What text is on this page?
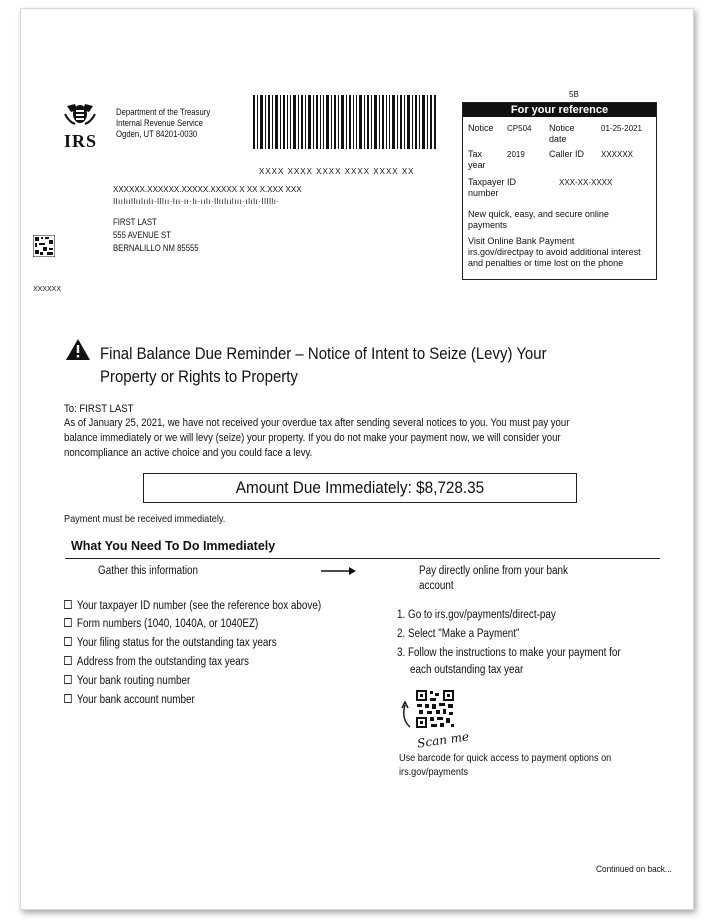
IRS
Department of the Treasury
Internal Revenue Service
Ogden, UT 84201-0030
XXXX XXXX XXXX XXXX XXXX XX
XXXXXX.XXXXXX.XXXXX.XXXXX X XX X.XXX XXX
Ilıılııllıılıılı·Illıı·lıı·ıı·lı·ıılı·llıılıılııı·ılılı·IlIllı·
FIRST LAST
555 AVENUE ST
BERNALILLO NM 85555
XXXXXX
5B
For your reference
Notice CP504 Notice date
01-25-2021
Tax year
2019	Caller ID XXXXXX
Taxpayer ID number
XXX-XX-XXXX
New quick, easy, and secure online payments
Visit Online Bank Payment
irs.gov/directpay to avoid additional interest
and penalties or time lost on the phone
Final Balance Due Reminder – Notice of Intent to Seize (Levy) Your
Property or Rights to Property
To: FIRST LAST
As of January 25, 2021, we have not received your overdue tax after sending several notices to you. You must pay your
balance immediately or we will levy (seize) your property. If you do not make your payment now, we will consider your
noncompliance an active choice and you could face a levy.
Amount Due Immediately: $8,728.35
Payment must be received immediately.
What You Need To Do Immediately
Gather this information	Pay directly online from your bank
account
Your taxpayer ID number (see the reference box above)
Form numbers (1040, 1040A, or 1040EZ)
Your filing status for the outstanding tax years
Address from the outstanding tax years
Your bank routing number
Your bank account number
1. Go to irs.gov/payments/direct-pay
2. Select "Make a Payment"
3. Follow the instructions to make your payment for
each outstanding tax year
Scan me
Use barcode for quick access to payment options on
irs.gov/payments
Continued on back...
